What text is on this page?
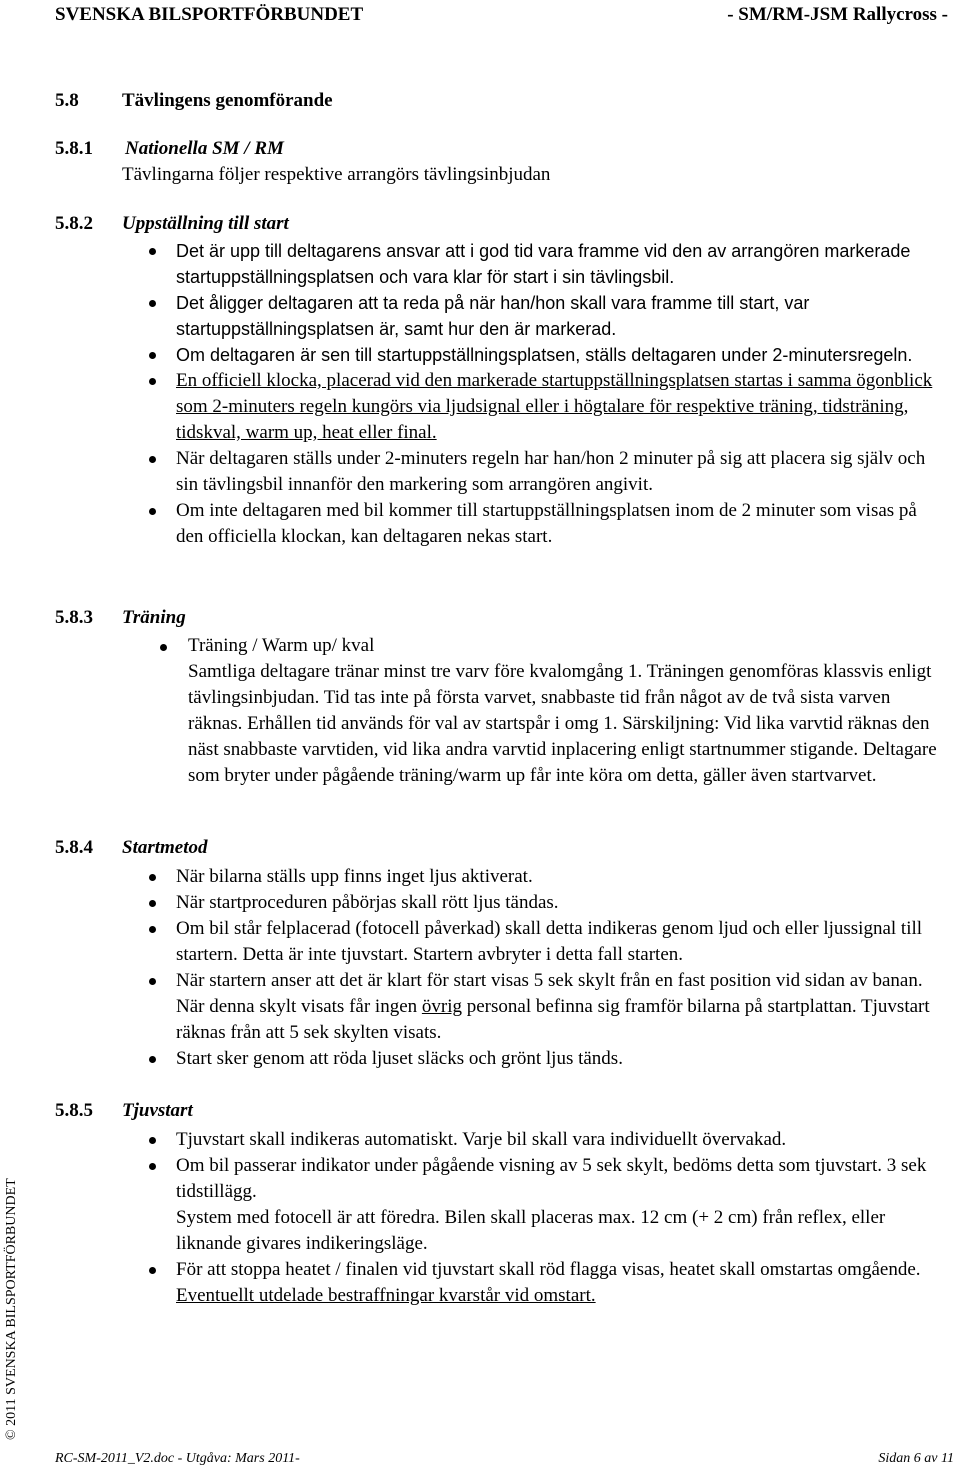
SVENSKA BILSPORTFÖRBUNDET	- SM/RM-JSM Rallycross -
5.8 Tävlingens genomförande
5.8.1 Nationella SM / RM
Tävlingarna följer respektive arrangörs tävlingsinbjudan
5.8.2 Uppställning till start
Det är upp till deltagarens ansvar att i god tid vara framme vid den av arrangören markerade startuppställningsplatsen och vara klar för start i sin tävlingsbil.
Det åligger deltagaren att ta reda på när han/hon skall vara framme till start, var startuppställningsplatsen är, samt hur den är markerad.
Om deltagaren är sen till startuppställningsplatsen, ställs deltagaren under 2-minutersregeln.
En officiell klocka, placerad vid den markerade startuppställningsplatsen startas i samma ögonblick som 2-minuters regeln kungörs via ljudsignal eller i högtalare för respektive träning, tidsträning, tidskval, warm up, heat eller final.
När deltagaren ställs under 2-minuters regeln har han/hon 2 minuter på sig att placera sig själv och sin tävlingsbil innanför den markering som arrangören angivit.
Om inte deltagaren med bil kommer till startuppställningsplatsen inom de 2 minuter som visas på den officiella klockan, kan deltagaren nekas start.
5.8.3 Träning
Träning / Warm up/ kval
Samtliga deltagare tränar minst tre varv före kvalomgång 1. Träningen genomföras klassvis enligt tävlingsinbjudan. Tid tas inte på första varvet, snabbaste tid från något av de två sista varven räknas. Erhållen tid används för val av startspår i omg 1. Särskiljning: Vid lika varvtid räknas den näst snabbaste varvtiden, vid lika andra varvtid inplacering enligt startnummer stigande. Deltagare som bryter under pågående träning/warm up får inte köra om detta, gäller även startvarvet.
5.8.4 Startmetod
När bilarna ställs upp finns inget ljus aktiverat.
När startproceduren påbörjas skall rött ljus tändas.
Om bil står felplacerad (fotocell påverkad) skall detta indikeras genom ljud och eller ljussignal till startern. Detta är inte tjuvstart. Startern avbryter i detta fall starten.
När startern anser att det är klart för start visas 5 sek skylt från en fast position vid sidan av banan. När denna skylt visats får ingen övrig personal befinna sig framför bilarna på startplattan. Tjuvstart räknas från att 5 sek skylten visats.
Start sker genom att röda ljuset släcks och grönt ljus tänds.
5.8.5 Tjuvstart
Tjuvstart skall indikeras automatiskt. Varje bil skall vara individuellt övervakad.
Om bil passerar indikator under pågående visning av 5 sek skylt, bedöms detta som tjuvstart. 3 sek tidstillägg.
System med fotocell är att föredra. Bilen skall placeras max. 12 cm (+ 2 cm) från reflex, eller liknande givares indikeringsläge.
För att stoppa heatet / finalen vid tjuvstart skall röd flagga visas, heatet skall omstartas omgående. Eventuellt utdelade bestraffningar kvarstår vid omstart.
© 2011 SVENSKA BILSPORTFÖRBUNDET
RC-SM-2011_V2.doc - Utgåva: Mars 2011-	Sidan 6 av 11
